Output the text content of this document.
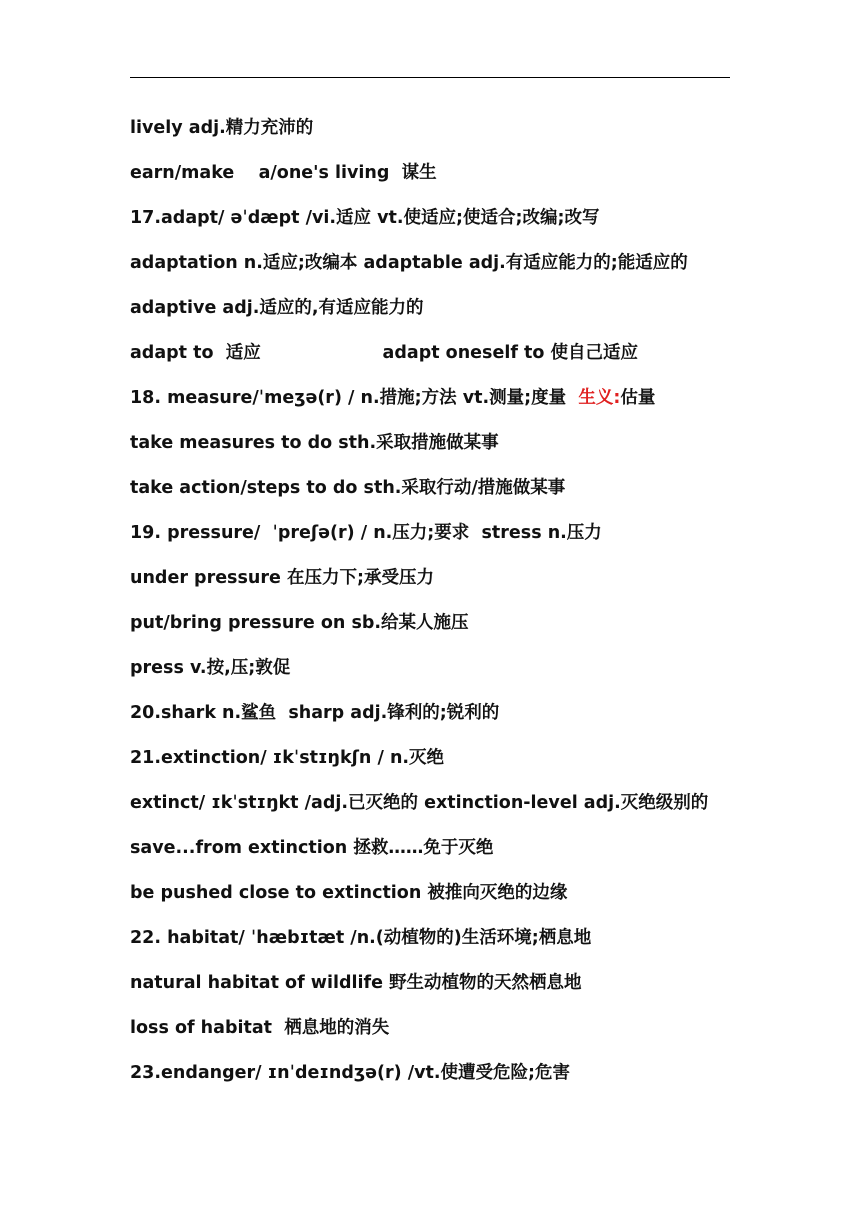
lively adj.精力充沛的
earn/make    a/one's living  谋生
17.adapt/ əˈdæpt /vi.适应 vt.使适应;使适合;改编;改写
adaptation n.适应;改编本 adaptable adj.有适应能力的;能适应的
adaptive adj.适应的,有适应能力的
adapt to  适应                    adapt oneself to 使自己适应
18. measure/ˈmeʒə(r) / n.措施;方法 vt.测量;度量  生义:估量
take measures to do sth.采取措施做某事
take action/steps to do sth.采取行动/措施做某事
19. pressure/  ˈpreʃə(r) / n.压力;要求  stress n.压力
under pressure 在压力下;承受压力
put/bring pressure on sb.给某人施压
press v.按,压;敦促
20.shark n.鲨鱼  sharp adj.锋利的;锐利的
21.extinction/ ɪkˈstɪŋkʃn / n.灭绝
extinct/ ɪkˈstɪŋkt /adj.已灭绝的 extinction-level adj.灭绝级别的
save...from extinction 拯救……免于灭绝
be pushed close to extinction 被推向灭绝的边缘
22. habitat/ ˈhæbɪtæt /n.(动植物的)生活环境;栖息地
natural habitat of wildlife 野生动植物的天然栖息地
loss of habitat  栖息地的消失
23.endanger/ ɪnˈdeɪndʒə(r) /vt.使遭受危险;危害
